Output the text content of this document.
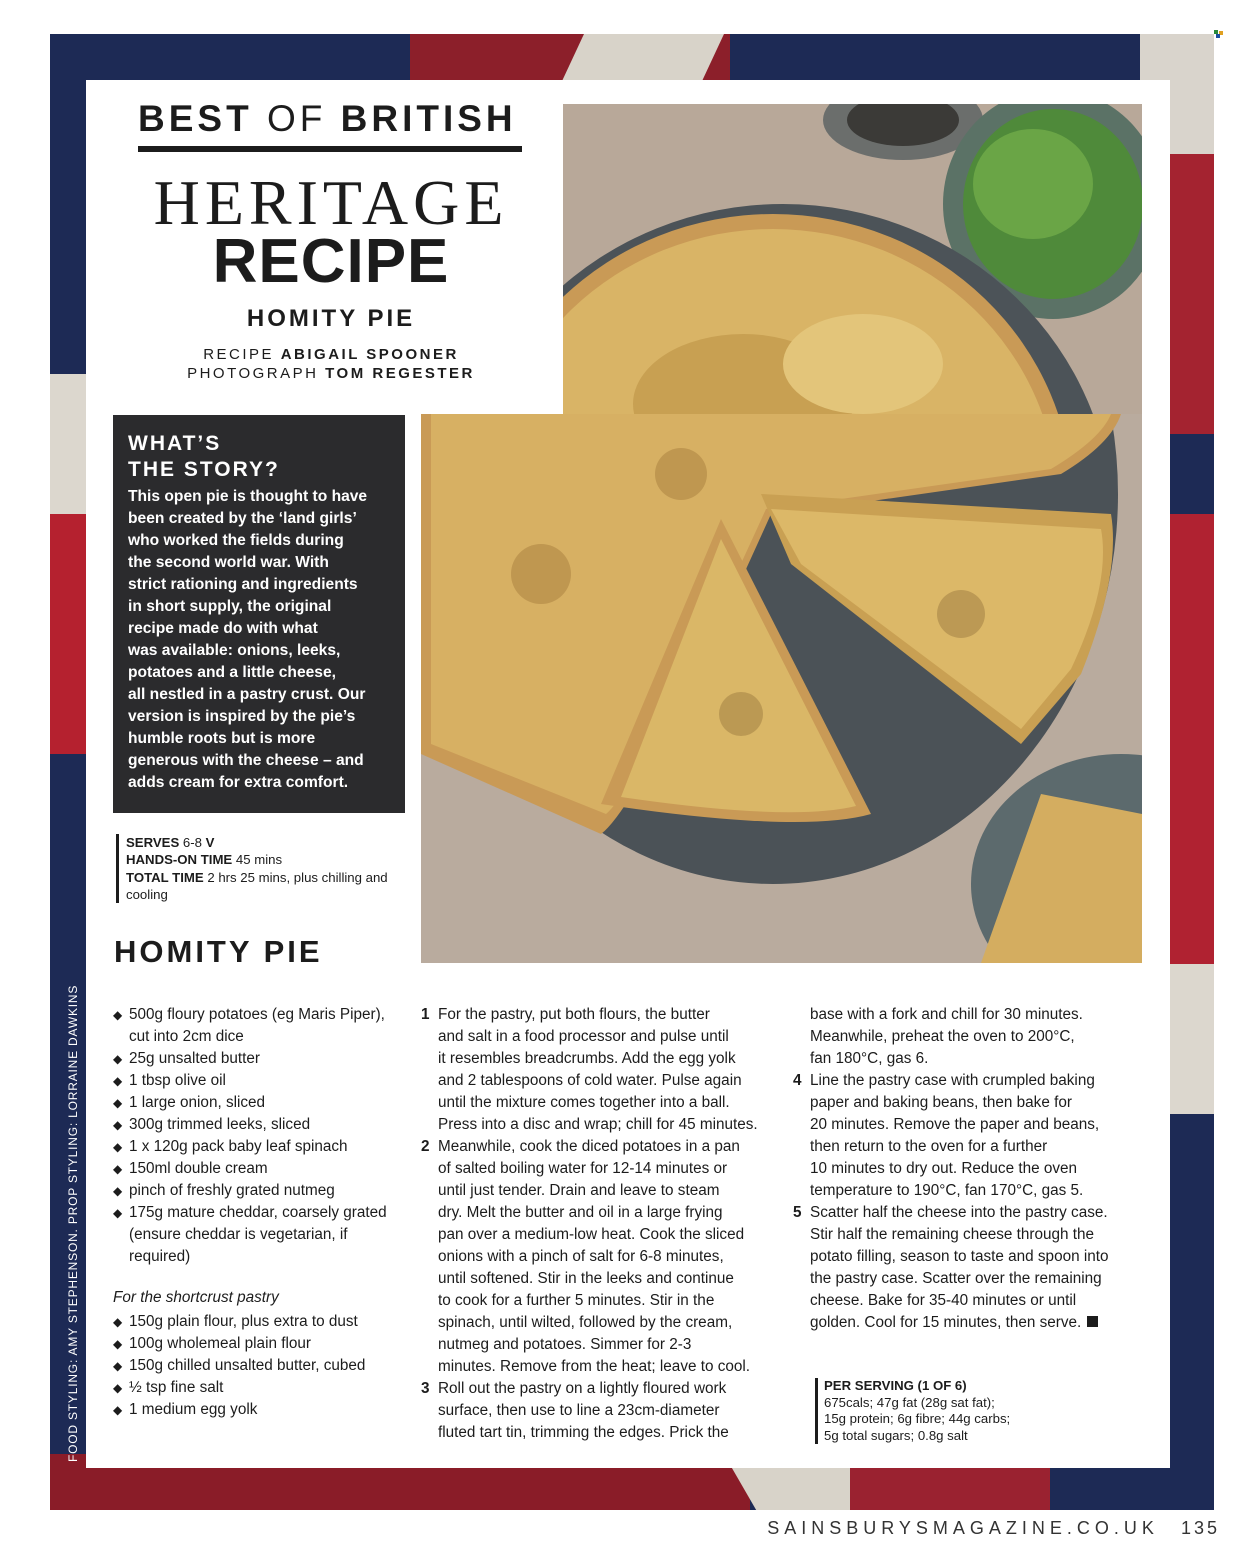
BEST OF BRITISH
HERITAGE
RECIPE
HOMITY PIE
RECIPE ABIGAIL SPOONER
PHOTOGRAPH TOM REGESTER
WHAT’S
THE STORY?
This open pie is thought to have
been created by the ‘land girls’
who worked the fields during
the second world war. With
strict rationing and ingredients
in short supply, the original
recipe made do with what
was available: onions, leeks,
potatoes and a little cheese,
all nestled in a pastry crust. Our
version is inspired by the pie’s
humble roots but is more
generous with the cheese – and
adds cream for extra comfort.
SERVES 6-8 V
HANDS-ON TIME 45 mins
TOTAL TIME 2 hrs 25 mins, plus chilling and cooling
HOMITY PIE
◆ 500g floury potatoes (eg Maris Piper), cut into 2cm dice
◆ 25g unsalted butter
◆ 1 tbsp olive oil
◆ 1 large onion, sliced
◆ 300g trimmed leeks, sliced
◆ 1 x 120g pack baby leaf spinach
◆ 150ml double cream
◆ pinch of freshly grated nutmeg
◆ 175g mature cheddar, coarsely grated (ensure cheddar is vegetarian, if required)
For the shortcrust pastry
◆ 150g plain flour, plus extra to dust
◆ 100g wholemeal plain flour
◆ 150g chilled unsalted butter, cubed
◆ ½ tsp fine salt
◆ 1 medium egg yolk
1 For the pastry, put both flours, the butter
and salt in a food processor and pulse until
it resembles breadcrumbs. Add the egg yolk
and 2 tablespoons of cold water. Pulse again
until the mixture comes together into a ball.
Press into a disc and wrap; chill for 45 minutes.
2 Meanwhile, cook the diced potatoes in a pan
of salted boiling water for 12-14 minutes or
until just tender. Drain and leave to steam
dry. Melt the butter and oil in a large frying
pan over a medium-low heat. Cook the sliced
onions with a pinch of salt for 6-8 minutes,
until softened. Stir in the leeks and continue
to cook for a further 5 minutes. Stir in the
spinach, until wilted, followed by the cream,
nutmeg and potatoes. Simmer for 2-3
minutes. Remove from the heat; leave to cool.
3 Roll out the pastry on a lightly floured work
surface, then use to line a 23cm-diameter
fluted tart tin, trimming the edges. Prick the
base with a fork and chill for 30 minutes.
Meanwhile, preheat the oven to 200°C,
fan 180°C, gas 6.
4 Line the pastry case with crumpled baking
paper and baking beans, then bake for
20 minutes. Remove the paper and beans,
then return to the oven for a further
10 minutes to dry out. Reduce the oven
temperature to 190°C, fan 170°C, gas 5.
5 Scatter half the cheese into the pastry case.
Stir half the remaining cheese through the
potato filling, season to taste and spoon into
the pastry case. Scatter over the remaining
cheese. Bake for 35-40 minutes or until
golden. Cool for 15 minutes, then serve.
PER SERVING (1 OF 6)
675cals; 47g fat (28g sat fat);
15g protein; 6g fibre; 44g carbs;
5g total sugars; 0.8g salt
FOOD STYLING: AMY STEPHENSON. PROP STYLING: LORRAINE DAWKINS
SAINSBURYSMAGAZINE.CO.UK 135
